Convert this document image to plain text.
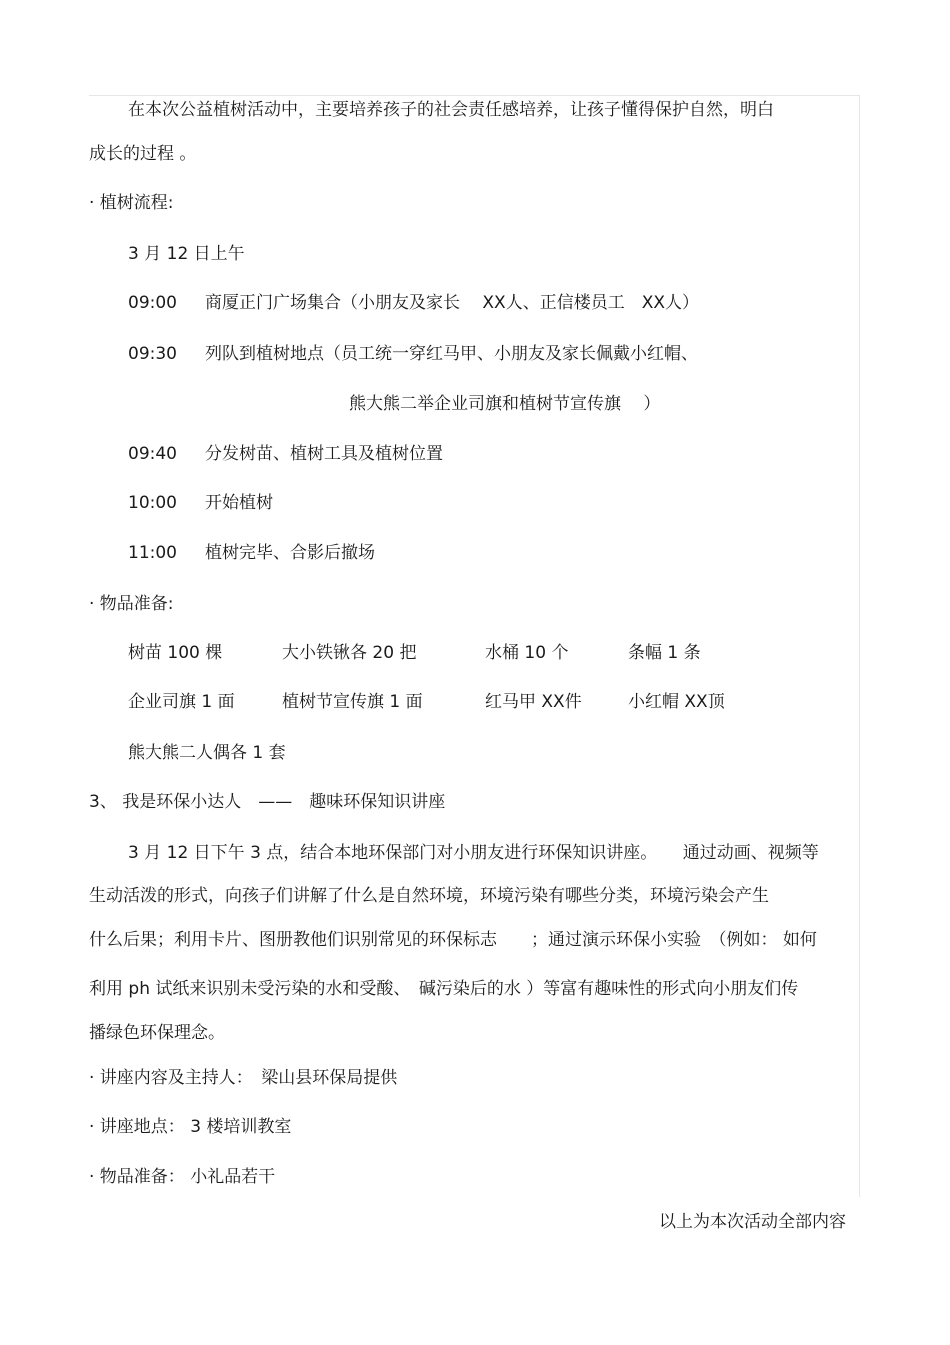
在本次公益植树活动中，主要培养孩子的社会责任感培养，让孩子懂得保护自然，明白
成长的过程 。
· 植树流程:
3 月 12 日上午
09:00 商厦正门广场集合（小朋友及家长　 XX人、正信楼员工　XX人）
09:30 列队到植树地点（员工统一穿红马甲、小朋友及家长佩戴小红帽、
熊大熊二举企业司旗和植树节宣传旗　 ）
09:40 分发树苗、植树工具及植树位置
10:00 开始植树
11:00 植树完毕、合影后撤场
· 物品准备:
树苗 100 棵	大小铁锹各 20 把	水桶 10 个	条幅 1 条
企业司旗 1 面	植树节宣传旗 1 面	红马甲 XX件	小红帽 XX顶
熊大熊二人偶各 1 套
3、 我是环保小达人　——　趣味环保知识讲座
3 月 12 日下午 3 点，结合本地环保部门对小朋友进行环保知识讲座。　　通过动画、视频等
生动活泼的形式，向孩子们讲解了什么是自然环境，环境污染有哪些分类，环境污染会产生
什么后果；利用卡片、图册教他们识别常见的环保标志　　；通过演示环保小实验　（例如： 如何
利用 ph 试纸来识别未受污染的水和受酸、　碱污染后的水 ）等富有趣味性的形式向小朋友们传
播绿色环保理念。
· 讲座内容及主持人：　梁山县环保局提供
· 讲座地点： 3 楼培训教室
· 物品准备： 小礼品若干
以上为本次活动全部内容
